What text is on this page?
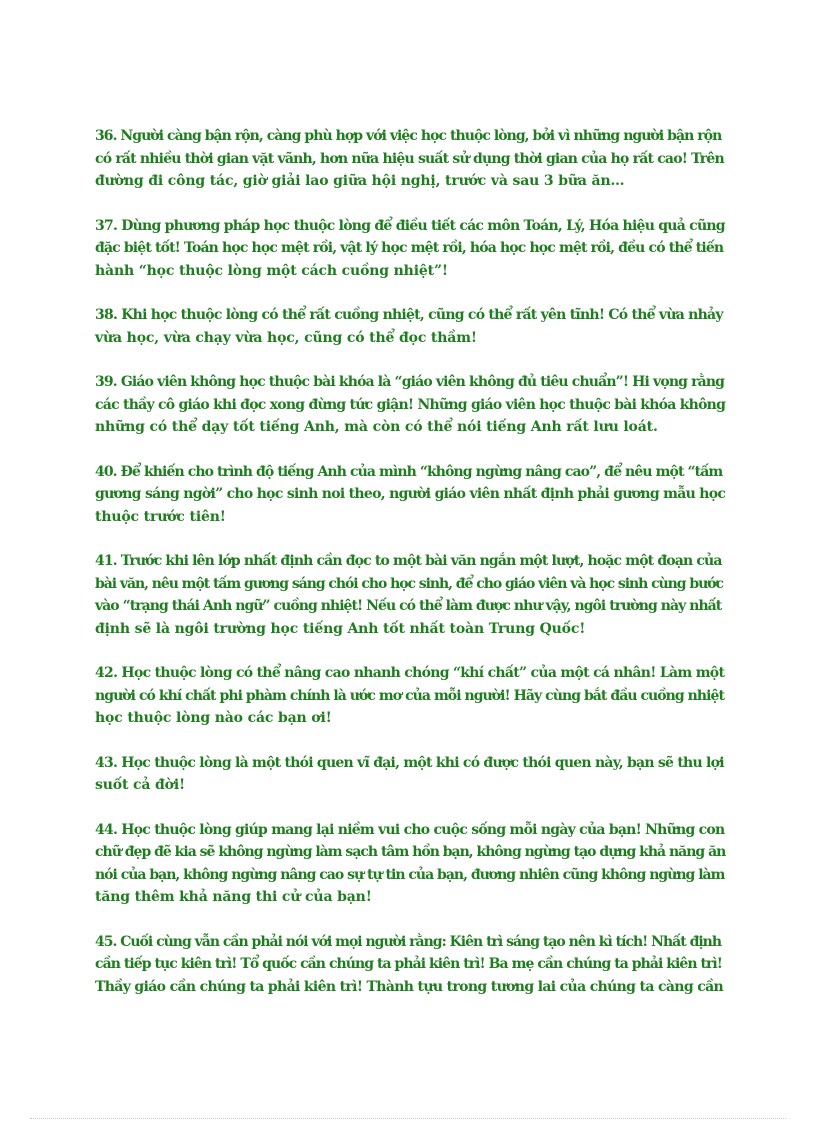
36. Người càng bận rộn, càng phù hợp với việc học thuộc lòng, bởi vì những người bận rộn
có rất nhiều thời gian vặt vãnh, hơn nữa hiệu suất sử dụng thời gian của họ rất cao! Trên
đường đi công tác, giờ giải lao giữa hội nghị, trước và sau 3 bữa ăn…

37. Dùng phương pháp học thuộc lòng để điều tiết các môn Toán, Lý, Hóa hiệu quả cũng
đặc biệt tốt! Toán học học mệt rồi, vật lý học mệt rồi, hóa học học mệt rồi, đều có thể tiến
hành “học thuộc lòng một cách cuồng nhiệt”!

38. Khi học thuộc lòng có thể rất cuồng nhiệt, cũng có thể rất yên tĩnh! Có thể vừa nhảy
vừa học, vừa chạy vừa học, cũng có thể đọc thầm!

39. Giáo viên không học thuộc bài khóa là “giáo viên không đủ tiêu chuẩn”! Hi vọng rằng
các thầy cô giáo khi đọc xong đừng tức giận! Những giáo viên học thuộc bài khóa không
những có thể dạy tốt tiếng Anh, mà còn có thể nói tiếng Anh rất lưu loát.

40. Để khiến cho trình độ tiếng Anh của mình “không ngừng nâng cao”, để nêu một “tấm
gương sáng ngời” cho học sinh noi theo, người giáo viên nhất định phải gương mẫu học
thuộc trước tiên!

41. Trước khi lên lớp nhất định cần đọc to một bài văn ngắn một lượt, hoặc một đoạn của
bài văn, nêu một tấm gương sáng chói cho học sinh, để cho giáo viên và học sinh cùng bước
vào “trạng thái Anh ngữ” cuồng nhiệt! Nếu có thể làm được như vậy, ngôi trường này nhất
định sẽ là ngôi trường học tiếng Anh tốt nhất toàn Trung Quốc!

42. Học thuộc lòng có thể nâng cao nhanh chóng “khí chất” của một cá nhân! Làm một
người có khí chất phi phàm chính là ước mơ của mỗi người! Hãy cùng bắt đầu cuồng nhiệt
học thuộc lòng nào các bạn ơi!

43. Học thuộc lòng là một thói quen vĩ đại, một khi có được thói quen này, bạn sẽ thu lợi
suốt cả đời!

44. Học thuộc lòng giúp mang lại niềm vui cho cuộc sống mỗi ngày của bạn! Những con
chữ đẹp đẽ kia sẽ không ngừng làm sạch tâm hồn bạn, không ngừng tạo dựng khả năng ăn
nói của bạn, không ngừng nâng cao sự tự tin của bạn, đương nhiên cũng không ngừng làm
tăng thêm khả năng thi cử của bạn!

45. Cuối cùng vẫn cần phải nói với mọi người rằng: Kiên trì sáng tạo nên kì tích! Nhất định
cần tiếp tục kiên trì! Tổ quốc cần chúng ta phải kiên trì! Ba mẹ cần chúng ta phải kiên trì!
Thầy giáo cần chúng ta phải kiên trì! Thành tựu trong tương lai của chúng ta càng cần
